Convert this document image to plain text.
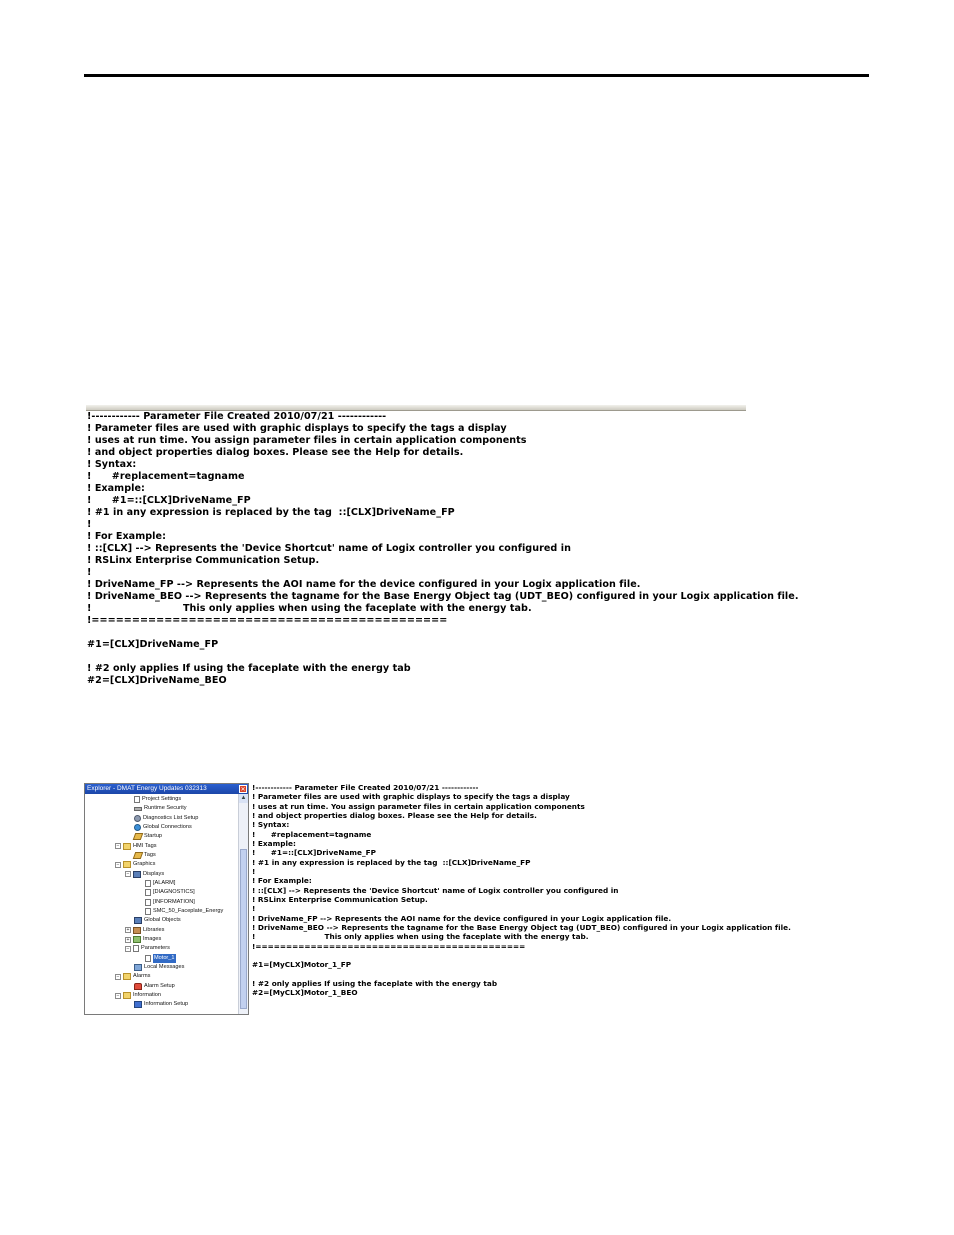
!------------ Parameter File Created 2010/07/21 ------------
! Parameter files are used with graphic displays to specify the tags a display
! uses at run time. You assign parameter files in certain application components
! and object properties dialog boxes. Please see the Help for details.
! Syntax:
!      #replacement=tagname
! Example:
!      #1=::[CLX]DriveName_FP
! #1 in any expression is replaced by the tag  ::[CLX]DriveName_FP
!
! For Example:
! ::[CLX] --> Represents the 'Device Shortcut' name of Logix controller you configured in
! RSLinx Enterprise Communication Setup.
!
! DriveName_FP --> Represents the AOI name for the device configured in your Logix application file.
! DriveName_BEO --> Represents the tagname for the Base Energy Object tag (UDT_BEO) configured in your Logix application file.
!                           This only applies when using the faceplate with the energy tab.
!============================================
#1=[CLX]DriveName_FP
! #2 only applies If using the faceplate with the energy tab
#2=[CLX]DriveName_BEO
Explorer - DMAT Energy Updates 032313	✕
Project Settings
Runtime Security
Diagnostics List Setup
Global Connections
Startup
− HMI Tags
Tags
− Graphics
− Displays
[ALARM]
[DIAGNOSTICS]
[INFORMATION]
SMC_50_Faceplate_Energy
Global Objects
+ Libraries
+ Images
− Parameters
Motor_1
Local Messages
− Alarms
Alarm Setup
− Information
Information Setup
▲
!------------ Parameter File Created 2010/07/21 ------------
! Parameter files are used with graphic displays to specify the tags a display
! uses at run time. You assign parameter files in certain application components
! and object properties dialog boxes. Please see the Help for details.
! Syntax:
!      #replacement=tagname
! Example:
!      #1=::[CLX]DriveName_FP
! #1 in any expression is replaced by the tag  ::[CLX]DriveName_FP
!
! For Example:
! ::[CLX] --> Represents the 'Device Shortcut' name of Logix controller you configured in
! RSLinx Enterprise Communication Setup.
!
! DriveName_FP --> Represents the AOI name for the device configured in your Logix application file.
! DriveName_BEO --> Represents the tagname for the Base Energy Object tag (UDT_BEO) configured in your Logix application file.
!                           This only applies when using the faceplate with the energy tab.
!============================================
#1=[MyCLX]Motor_1_FP
! #2 only applies If using the faceplate with the energy tab
#2=[MyCLX]Motor_1_BEO
